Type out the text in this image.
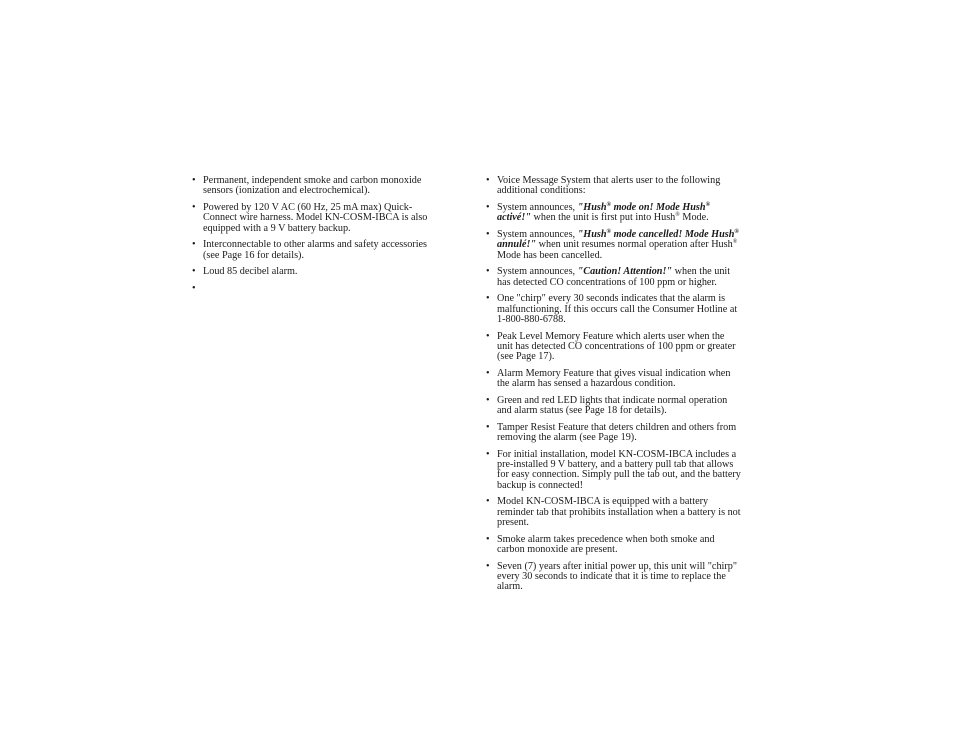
• Permanent, independent smoke and carbon monoxide sensors (ionization and electrochemical).
• Powered by 120 V AC (60 Hz, 25 mA max) Quick-Connect wire harness. Model KN-COSM-IBCA is also equipped with a 9 V battery backup.
• Interconnectable to other alarms and safety accessories (see Page 16 for details).
• Loud 85 decibel alarm.
•

• Voice Message System that alerts user to the following additional conditions:
• System announces, "Hush® mode on! Mode Hush® activé!" when the unit is first put into Hush® Mode.
• System announces, "Hush® mode cancelled! Mode Hush® annulé!" when unit resumes normal operation after Hush® Mode has been cancelled.
• System announces, "Caution! Attention!" when the unit has detected CO concentrations of 100 ppm or higher.
• One "chirp" every 30 seconds indicates that the alarm is malfunctioning. If this occurs call the Consumer Hotline at 1-800-880-6788.
• Peak Level Memory Feature which alerts user when the unit has detected CO concentrations of 100 ppm or greater (see Page 17).
• Alarm Memory Feature that gives visual indication when the alarm has sensed a hazardous condition.
• Green and red LED lights that indicate normal operation and alarm status (see Page 18 for details).
• Tamper Resist Feature that deters children and others from removing the alarm (see Page 19).
• For initial installation, model KN-COSM-IBCA includes a pre-installed 9 V battery, and a battery pull tab that allows for easy connection. Simply pull the tab out, and the battery backup is connected!
• Model KN-COSM-IBCA is equipped with a battery reminder tab that prohibits installation when a battery is not present.
• Smoke alarm takes precedence when both smoke and carbon monoxide are present.
• Seven (7) years after initial power up, this unit will "chirp" every 30 seconds to indicate that it is time to replace the alarm.
